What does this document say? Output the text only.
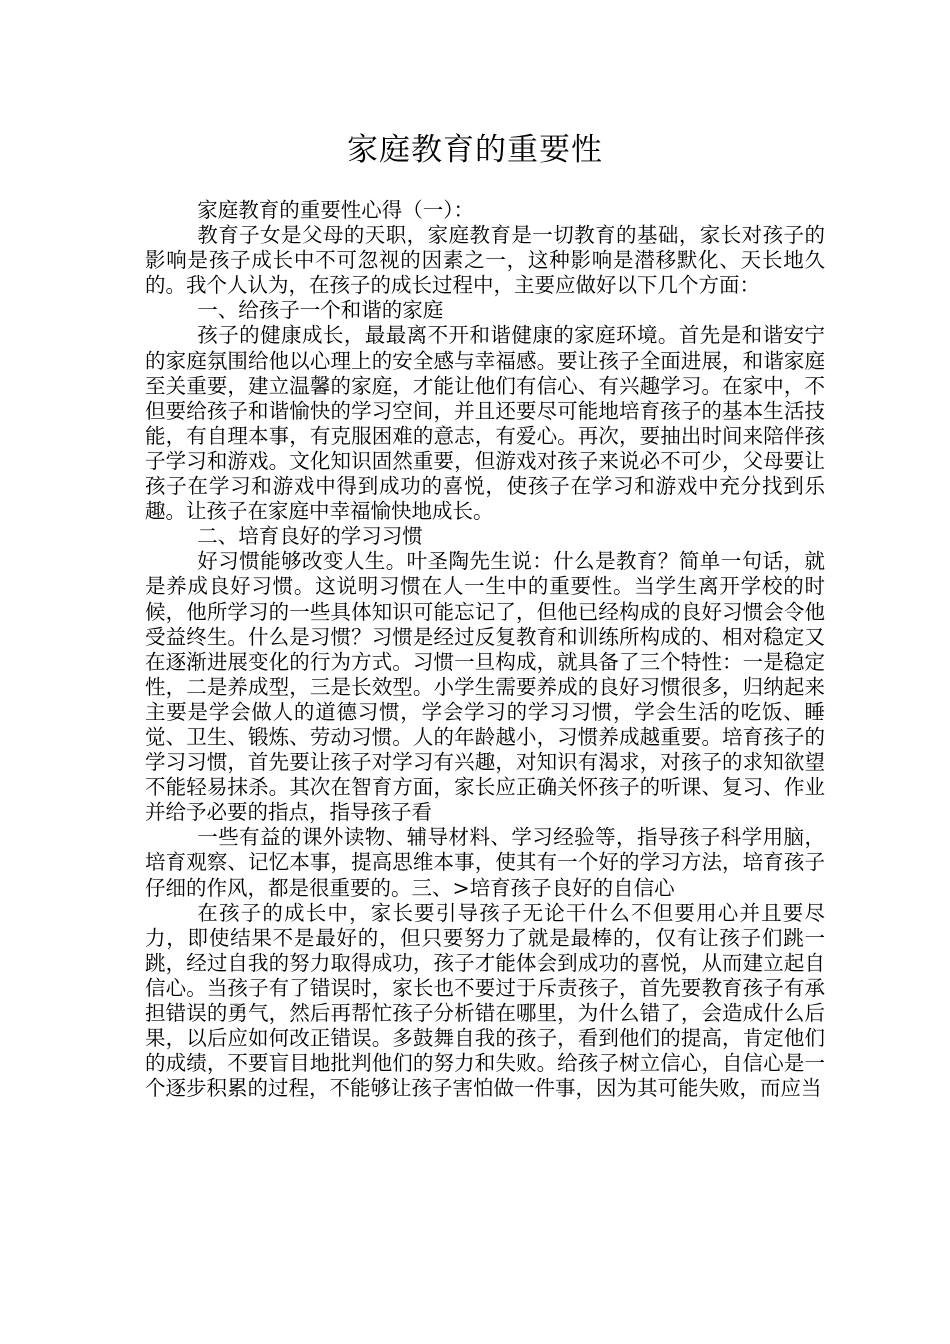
家庭教育的重要性

家庭教育的重要性心得（一）：

教育子女是父母的天职，家庭教育是一切教育的基础，家长对孩子的影响是孩子成长中不可忽视的因素之一，这种影响是潜移默化、天长地久的。我个人认为，在孩子的成长过程中，主要应做好以下几个方面：

一、给孩子一个和谐的家庭

孩子的健康成长，最最离不开和谐健康的家庭环境。首先是和谐安宁的家庭氛围给他以心理上的安全感与幸福感。要让孩子全面进展，和谐家庭至关重要，建立温馨的家庭，才能让他们有信心、有兴趣学习。在家中，不但要给孩子和谐愉快的学习空间，并且还要尽可能地培育孩子的基本生活技能，有自理本事，有克服困难的意志，有爱心。再次，要抽出时间来陪伴孩子学习和游戏。文化知识固然重要，但游戏对孩子来说必不可少，父母要让孩子在学习和游戏中得到成功的喜悦，使孩子在学习和游戏中充分找到乐趣。让孩子在家庭中幸福愉快地成长。

二、培育良好的学习习惯

好习惯能够改变人生。叶圣陶先生说：什么是教育？简单一句话，就是养成良好习惯。这说明习惯在人一生中的重要性。当学生离开学校的时候，他所学习的一些具体知识可能忘记了，但他已经构成的良好习惯会令他受益终生。什么是习惯？习惯是经过反复教育和训练所构成的、相对稳定又在逐渐进展变化的行为方式。习惯一旦构成，就具备了三个特性：一是稳定性，二是养成型，三是长效型。小学生需要养成的良好习惯很多，归纳起来主要是学会做人的道德习惯，学会学习的学习习惯，学会生活的吃饭、睡觉、卫生、锻炼、劳动习惯。人的年龄越小，习惯养成越重要。培育孩子的学习习惯，首先要让孩子对学习有兴趣，对知识有渴求，对孩子的求知欲望不能轻易抹杀。其次在智育方面，家长应正确关怀孩子的听课、复习、作业并给予必要的指点，指导孩子看

一些有益的课外读物、辅导材料、学习经验等，指导孩子科学用脑，培育观察、记忆本事，提高思维本事，使其有一个好的学习方法，培育孩子仔细的作风，都是很重要的。三、>培育孩子良好的自信心

在孩子的成长中，家长要引导孩子无论干什么不但要用心并且要尽力，即使结果不是最好的，但只要努力了就是最棒的，仅有让孩子们跳一跳，经过自我的努力取得成功，孩子才能体会到成功的喜悦，从而建立起自信心。当孩子有了错误时，家长也不要过于斥责孩子，首先要教育孩子有承担错误的勇气，然后再帮忙孩子分析错在哪里，为什么错了，会造成什么后果，以后应如何改正错误。多鼓舞自我的孩子，看到他们的提高，肯定他们的成绩，不要盲目地批判他们的努力和失败。给孩子树立信心，自信心是一个逐步积累的过程，不能够让孩子害怕做一件事，因为其可能失败，而应当
